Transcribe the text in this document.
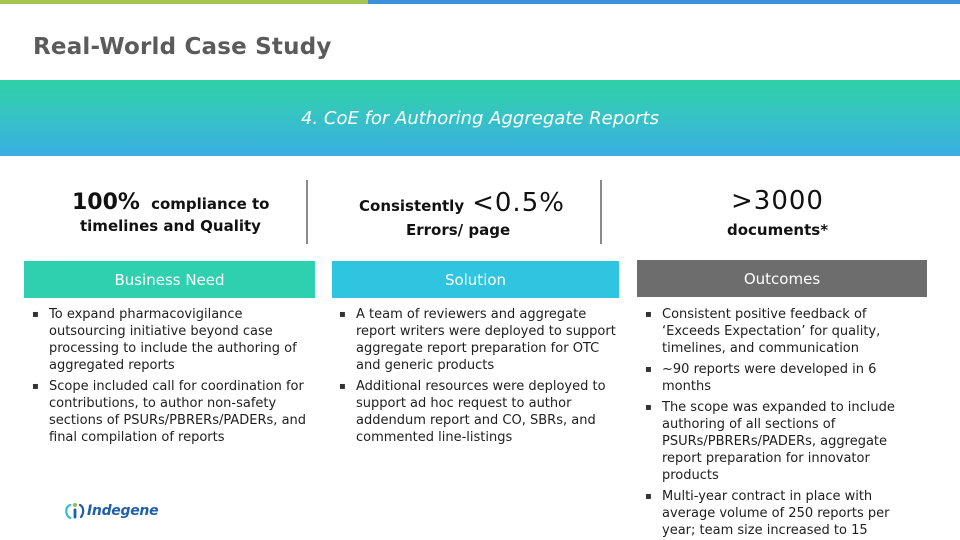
Real-World Case Study
4. CoE for Authoring Aggregate Reports
100% compliance to
timelines and Quality
Consistently <0.5%
Errors/ page
>3000
documents*
Business Need	Solution	Outcomes
▪ To expand pharmacovigilance outsourcing initiative beyond case processing to include the authoring of aggregated reports
▪ Scope included call for coordination for contributions, to author non-safety sections of PSURs/PBRERs/PADERs, and final compilation of reports
▪ A team of reviewers and aggregate report writers were deployed to support aggregate report preparation for OTC and generic products
▪ Additional resources were deployed to support ad hoc request to author addendum report and CO, SBRs, and commented line-listings
▪ Consistent positive feedback of ‘Exceeds Expectation’ for quality, timelines, and communication
▪ ~90 reports were developed in 6 months
▪ The scope was expanded to include authoring of all sections of PSURs/PBRERs/PADERs, aggregate report preparation for innovator products
▪ Multi-year contract in place with average volume of 250 reports per year; team size increased to 15
Indegene
